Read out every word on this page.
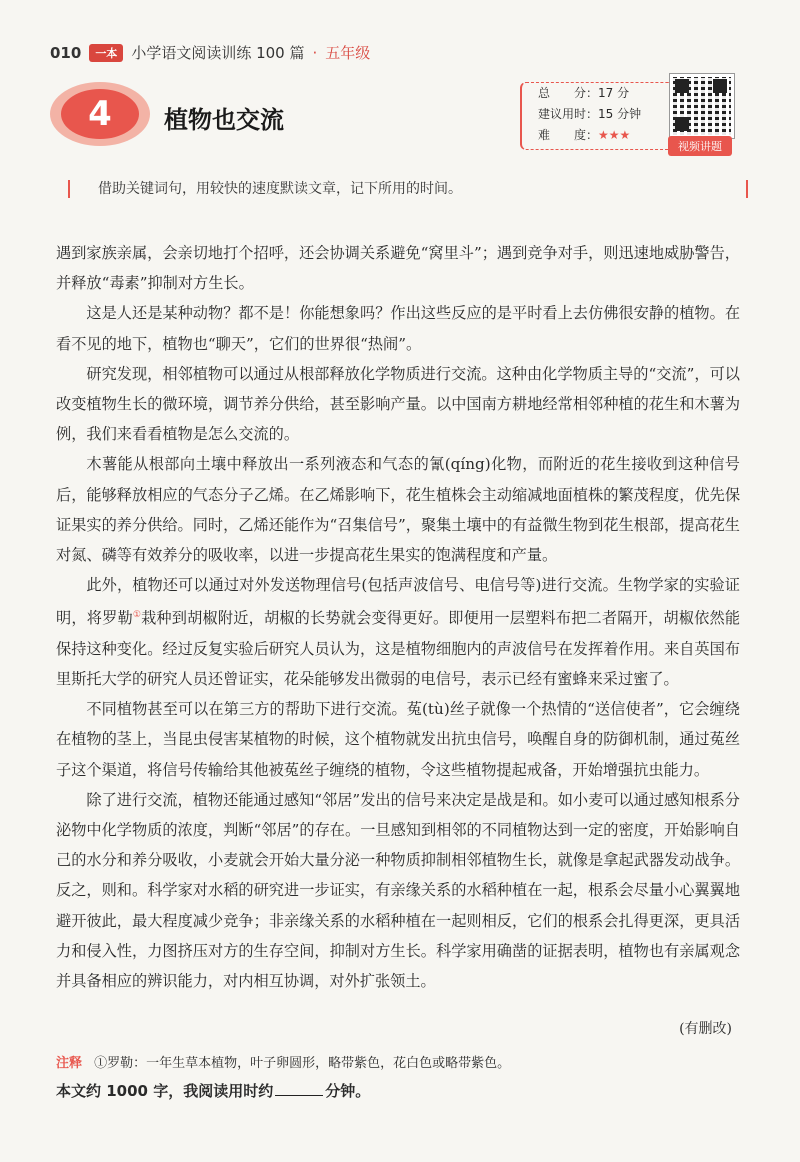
010	一本 小学语文阅读训练 100 篇 · 五年级
4	植物也交流
总　　分：17 分
建议用时：15 分钟
难　　度：★★★
视频讲题
借助关键词句，用较快的速度默读文章，记下所用的时间。

遇到家族亲属，会亲切地打个招呼，还会协调关系避免“窝里斗”；遇到竞争对手，则迅速地威胁警告，并释放“毒素”抑制对方生长。

这是人还是某种动物？都不是！你能想象吗？作出这些反应的是平时看上去仿佛很安静的植物。在看不见的地下，植物也“聊天”，它们的世界很“热闹”。

研究发现，相邻植物可以通过从根部释放化学物质进行交流。这种由化学物质主导的“交流”，可以改变植物生长的微环境，调节养分供给，甚至影响产量。以中国南方耕地经常相邻种植的花生和木薯为例，我们来看看植物是怎么交流的。

木薯能从根部向土壤中释放出一系列液态和气态的氰(qíng)化物，而附近的花生接收到这种信号后，能够释放相应的气态分子乙烯。在乙烯影响下，花生植株会主动缩减地面植株的繁茂程度，优先保证果实的养分供给。同时，乙烯还能作为“召集信号”，聚集土壤中的有益微生物到花生根部，提高花生对氮、磷等有效养分的吸收率，以进一步提高花生果实的饱满程度和产量。

此外，植物还可以通过对外发送物理信号(包括声波信号、电信号等)进行交流。生物学家的实验证明，将罗勒①栽种到胡椒附近，胡椒的长势就会变得更好。即便用一层塑料布把二者隔开，胡椒依然能保持这种变化。经过反复实验后研究人员认为，这是植物细胞内的声波信号在发挥着作用。来自英国布里斯托大学的研究人员还曾证实，花朵能够发出微弱的电信号，表示已经有蜜蜂来采过蜜了。

不同植物甚至可以在第三方的帮助下进行交流。菟(tù)丝子就像一个热情的“送信使者”，它会缠绕在植物的茎上，当昆虫侵害某植物的时候，这个植物就发出抗虫信号，唤醒自身的防御机制，通过菟丝子这个渠道，将信号传输给其他被菟丝子缠绕的植物，令这些植物提起戒备，开始增强抗虫能力。

除了进行交流，植物还能通过感知“邻居”发出的信号来决定是战是和。如小麦可以通过感知根系分泌物中化学物质的浓度，判断“邻居”的存在。一旦感知到相邻的不同植物达到一定的密度，开始影响自己的水分和养分吸收，小麦就会开始大量分泌一种物质抑制相邻植物生长，就像是拿起武器发动战争。反之，则和。科学家对水稻的研究进一步证实，有亲缘关系的水稻种植在一起，根系会尽量小心翼翼地避开彼此，最大程度减少竞争；非亲缘关系的水稻种植在一起则相反，它们的根系会扎得更深，更具活力和侵入性，力图挤压对方的生存空间，抑制对方生长。科学家用确凿的证据表明，植物也有亲属观念并具备相应的辨识能力，对内相互协调，对外扩张领土。

(有删改)
注释 ①罗勒：一年生草本植物，叶子卵圆形，略带紫色，花白色或略带紫色。
本文约 1000 字，我阅读用时约	分钟。
